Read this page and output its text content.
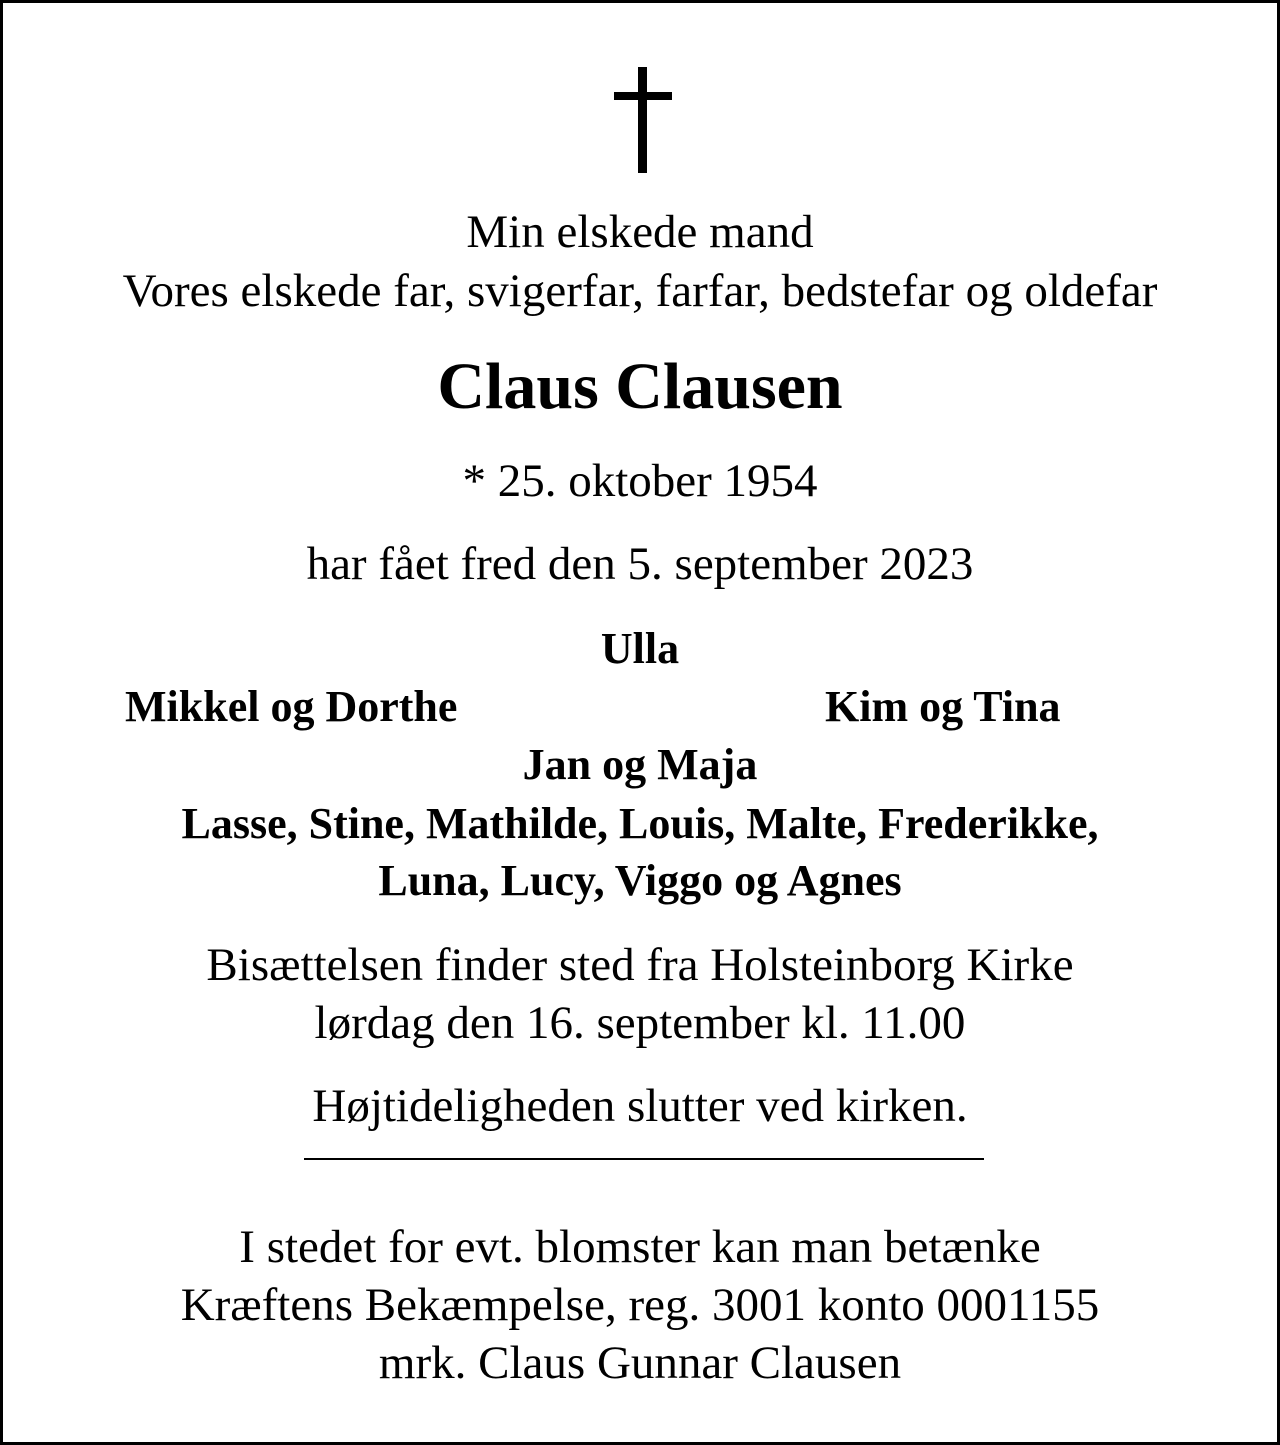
Min elskede mand
Vores elskede far, svigerfar, farfar, bedstefar og oldefar
Claus Clausen
* 25. oktober 1954
har fået fred den 5. september 2023
Ulla
Mikkel og Dorthe	Kim og Tina
Jan og Maja
Lasse, Stine, Mathilde, Louis, Malte, Frederikke,
Luna, Lucy, Viggo og Agnes
Bisættelsen finder sted fra Holsteinborg Kirke
lørdag den 16. september kl. 11.00
Højtideligheden slutter ved kirken.
I stedet for evt. blomster kan man betænke
Kræftens Bekæmpelse, reg. 3001 konto 0001155
mrk. Claus Gunnar Clausen
